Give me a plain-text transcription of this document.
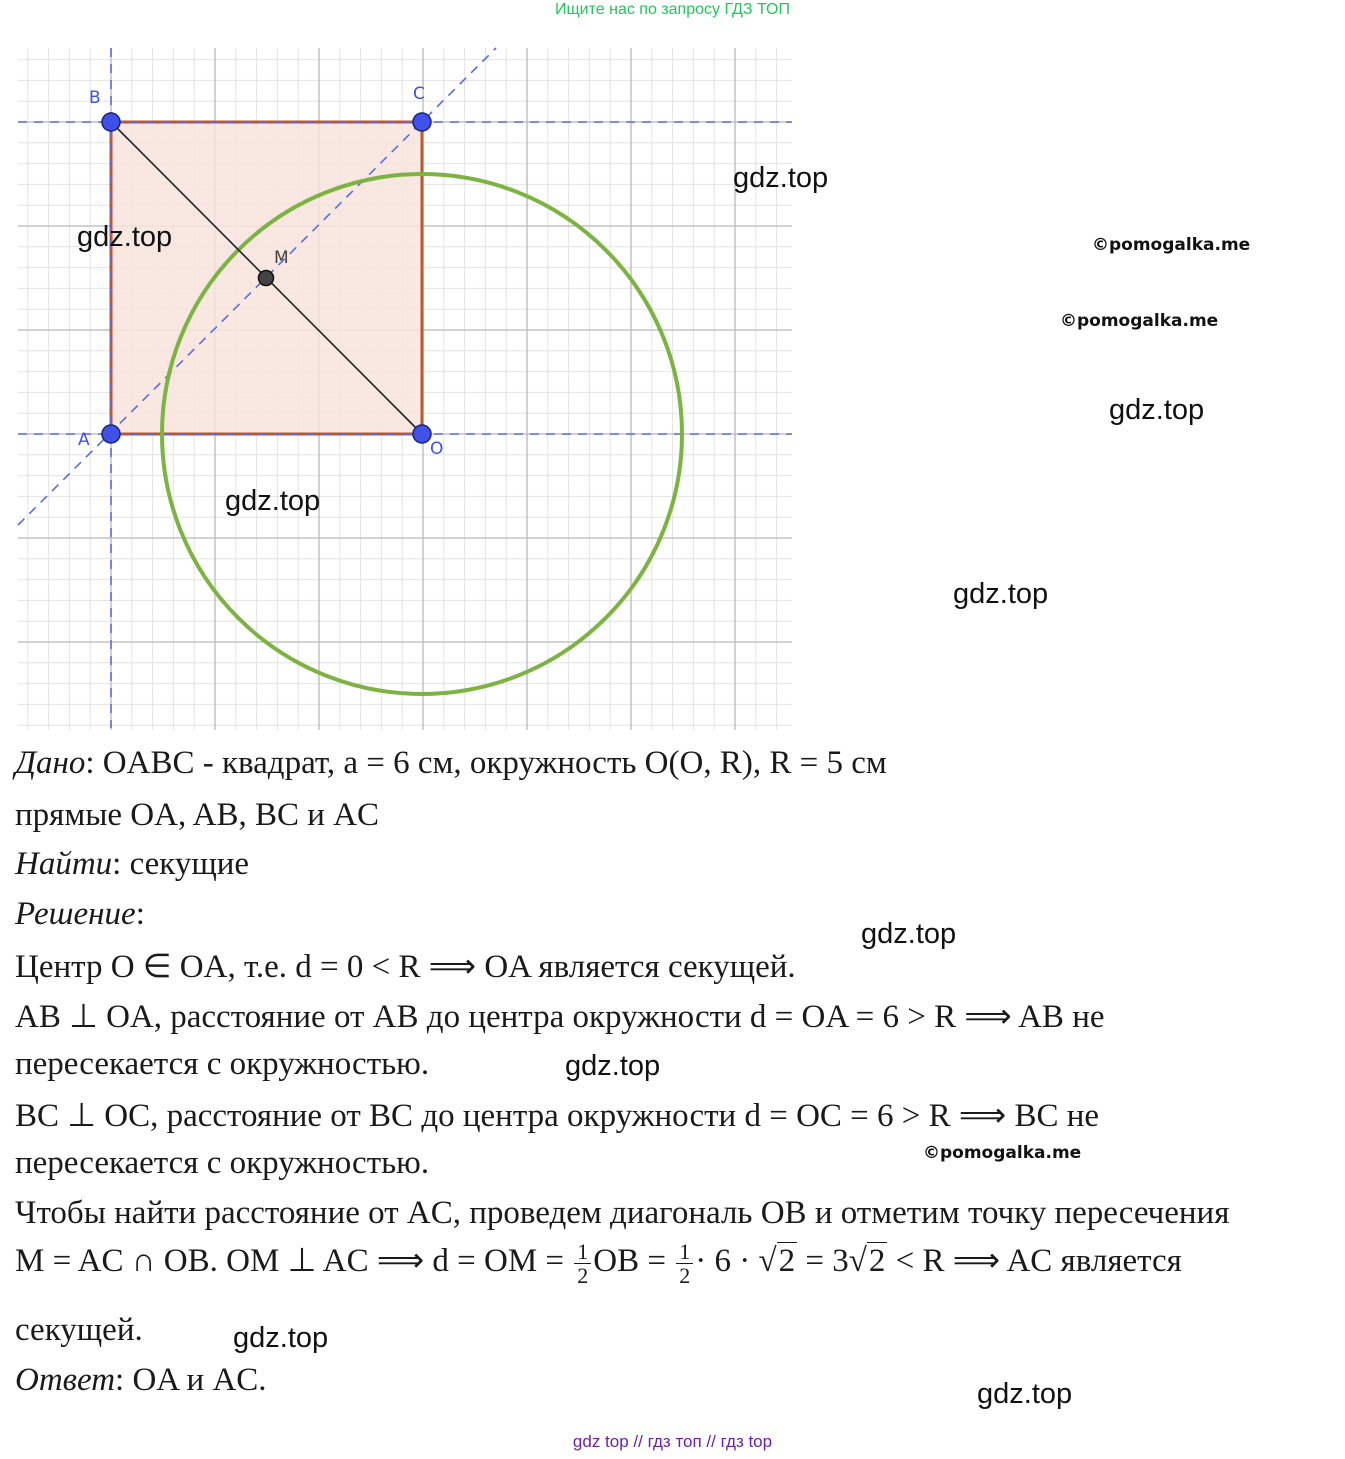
Ищите нас по запросу ГДЗ ТОП
B	C
A	O
M
gdz.top
gdz.top
gdz.top
gdz.top
gdz.top
gdz.top
gdz.top
gdz.top
gdz.top
©pomogalka.me
©pomogalka.me
©pomogalka.me
Дано: OABC - квадрат, a = 6 см, окружность O(O, R), R = 5 см
прямые OA, AB, BC и AC
Найти: секущие
Решение:
Центр O ∈ OA, т.е. d = 0 < R ⟹ OA является секущей.
AB ⊥ OA, расстояние от AB до центра окружности d = OA = 6 > R ⟹ AB не
пересекается с окружностью.
BC ⊥ OC, расстояние от BC до центра окружности d = OC = 6 > R ⟹ BC не
пересекается с окружностью.
Чтобы найти расстояние от AC, проведем диагональ OB и отметим точку пересечения
M = AC ∩ OB. OM ⊥ AC ⟹ d = OM = $\frac{1}{2}$ OB = $\frac{1}{2} \cdot 6 \cdot √2 = 3√2 < R$ ⟹ AC является
секущей.
Ответ: OA и AC.
gdz top // гдз топ // гдз top
